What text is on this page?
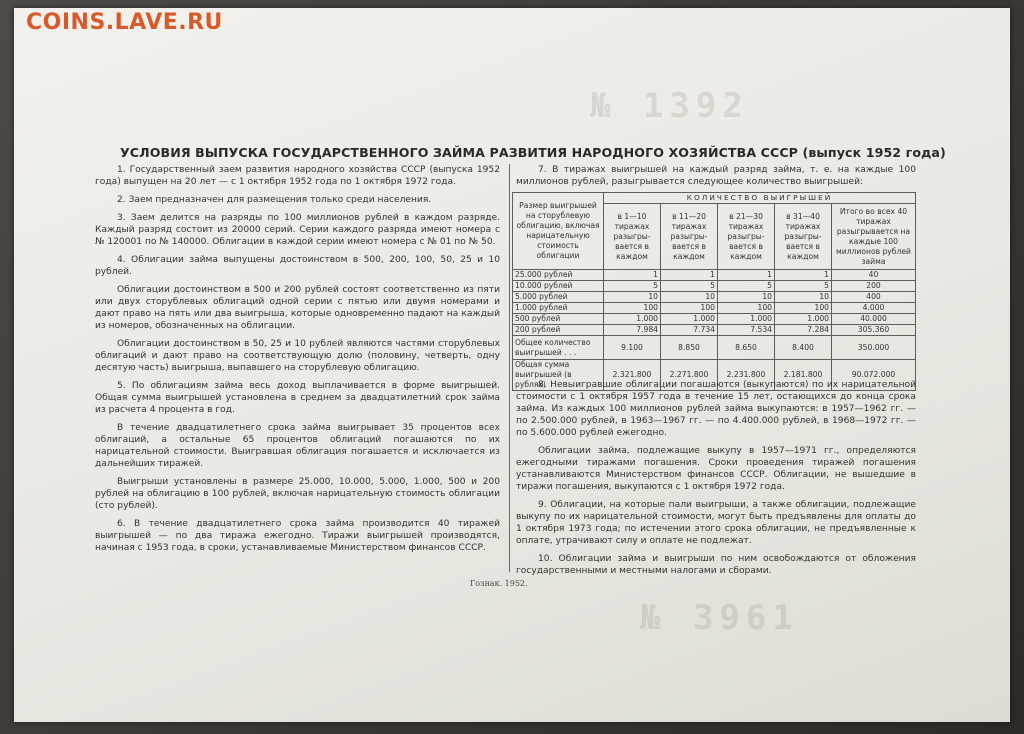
COINS.LAVE.RU
№ 1392
№ 3961
УСЛОВИЯ ВЫПУСКА ГОСУДАРСТВЕННОГО ЗАЙМА РАЗВИТИЯ НАРОДНОГО ХОЗЯЙСТВА СССР (выпуск 1952 года)

1. Государственный заем развития народного хозяйства СССР (выпуска 1952 года) выпущен на 20 лет — с 1 октября 1952 года по 1 октября 1972 года.

2. Заем предназначен для размещения только среди населения.

3. Заем делится на разряды по 100 миллионов рублей в каждом разряде. Каждый разряд состоит из 20000 серий. Серии каждого разряда имеют номера с № 120001 по № 140000. Облигации в каждой серии имеют номера с № 01 по № 50.

4. Облигации займа выпущены достоинством в 500, 200, 100, 50, 25 и 10 рублей.

Облигации достоинством в 500 и 200 рублей состоят соответственно из пяти или двух сторублевых облигаций одной серии с пятью или двумя номерами и дают право на пять или два выигрыша, которые одновременно падают на каждый из номеров, обозначенных на облигации.

Облигации достоинством в 50, 25 и 10 рублей являются частями сторублевых облигаций и дают право на соответствующую долю (половину, четверть, одну десятую часть) выигрыша, выпавшего на сторублевую облигацию.

5. По облигациям займа весь доход выплачивается в форме выигрышей. Общая сумма выигрышей установлена в среднем за двадцатилетний срок займа из расчета 4 процента в год.

В течение двадцатилетнего срока займа выигрывает 35 процентов всех облигаций, а остальные 65 процентов облигаций погашаются по их нарицательной стоимости. Выигравшая облигация погашается и исключается из дальнейших тиражей.

Выигрыши установлены в размере 25.000, 10.000, 5.000, 1.000, 500 и 200 рублей на облигацию в 100 рублей, включая нарицательную стоимость облигации (сто рублей).

6. В течение двадцатилетнего срока займа производится 40 тиражей выигрышей — по два тиража ежегодно. Тиражи выигрышей производятся, начиная с 1953 года, в сроки, устанавливаемые Министерством финансов СССР.

7. В тиражах выигрышей на каждый разряд займа, т. е. на каждые 100 миллионов рублей, разыгрывается следующее количество выигрышей:

Размер выигрышей на сторублевую облигацию, включая нарицательную стоимость облигации	КОЛИЧЕСТВО ВЫИГРЫШЕЙ				
	в 1—10 тиражах разыгры- вается в каждом	в 11—20 тиражах разыгры- вается в каждом	в 21—30 тиражах разыгры- вается в каждом	в 31—40 тиражах разыгры- вается в каждом	Итого во всех 40 тиражах разыгрывается на каждые 100 миллионов рублей займа
25.000 рублей	1	1	1	1	40
10.000 рублей	5	5	5	5	200
5.000 рублей	10	10	10	10	400
1.000 рублей	100	100	100	100	4.000
500 рублей	1.000	1.000	1.000	1.000	40.000
200 рублей	7.984	7.734	7.534	7.284	305.360
Общее количество выигрышей . . .	9.100	8.850	8.650	8.400	350.000
Общая сумма выигрышей (в рублях)	2.321.800	2.271.800	2.231.800	2.181.800	90.072.000

8. Невыигравшие облигации погашаются (выкупаются) по их нарицательной стоимости с 1 октября 1957 года в течение 15 лет, остающихся до конца срока займа. Из каждых 100 миллионов рублей займа выкупаются: в 1957—1962 гг. — по 2.500.000 рублей, в 1963—1967 гг. — по 4.400.000 рублей, в 1968—1972 гг. — по 5.600.000 рублей ежегодно.

Облигации займа, подлежащие выкупу в 1957—1971 гг., определяются ежегодными тиражами погашения. Сроки проведения тиражей погашения устанавливаются Министерством финансов СССР. Облигации, не вышедшие в тиражи погашения, выкупаются с 1 октября 1972 года.

9. Облигации, на которые пали выигрыши, а также облигации, подлежащие выкупу по их нарицательной стоимости, могут быть предъявлены для оплаты до 1 октября 1973 года; по истечении этого срока облигации, не предъявленные к оплате, утрачивают силу и оплате не подлежат.

10. Облигации займа и выигрыши по ним освобождаются от обложения государственными и местными налогами и сборами.

Гознак. 1952.
